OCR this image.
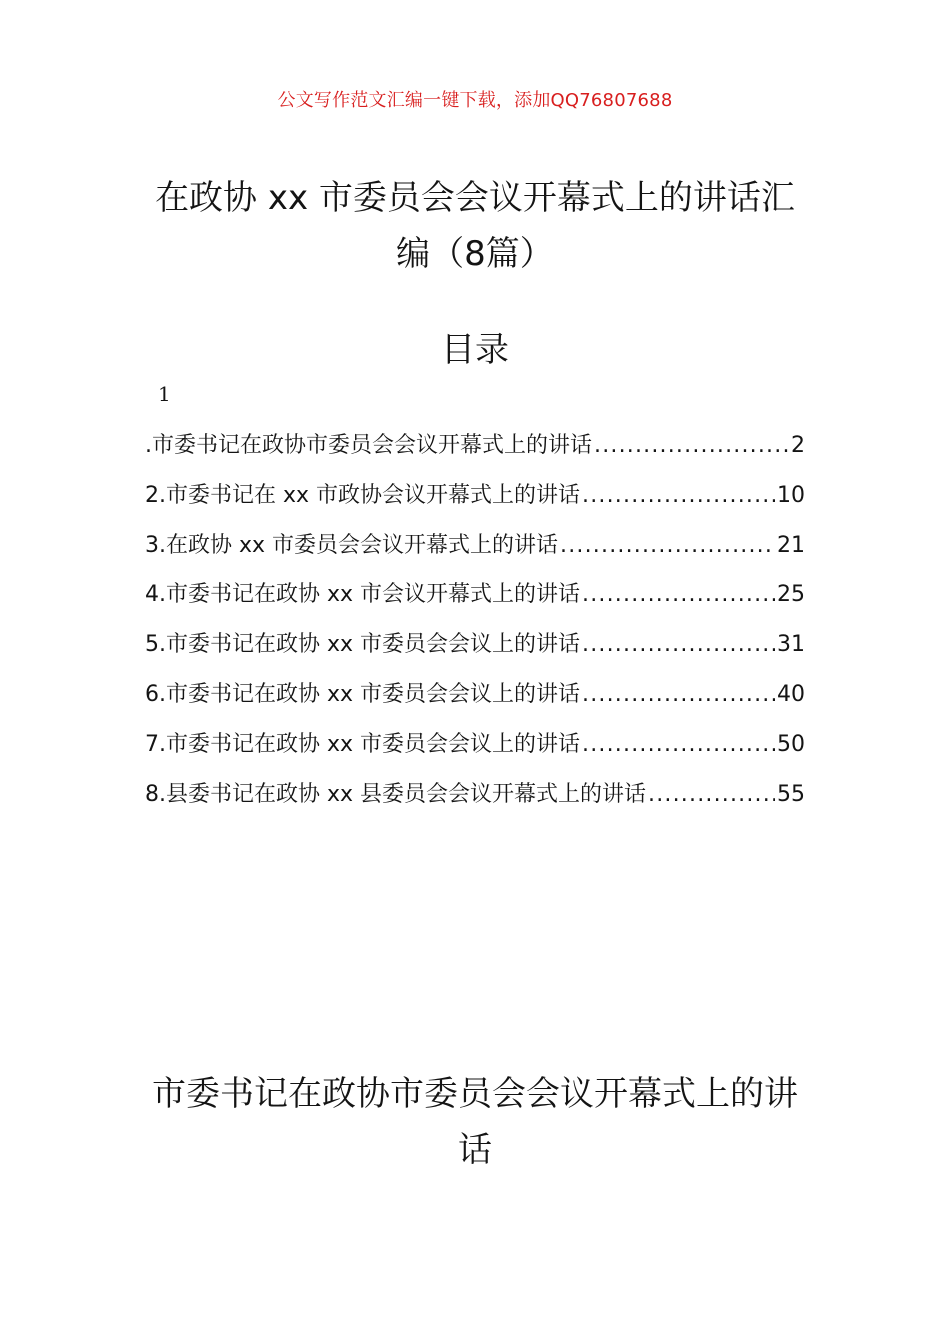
公文写作范文汇编一键下载，添加QQ76807688
在政协 xx 市委员会会议开幕式上的讲话汇编（8篇）
目录
1
.市委书记在政协市委员会会议开幕式上的讲话 .....	2
2.市委书记在 xx 市政协会议开幕式上的讲话 .....	10
3.在政协 xx 市委员会会议开幕式上的讲话 .....	21
4.市委书记在政协 xx 市会议开幕式上的讲话 .....	25
5.市委书记在政协 xx 市委员会会议上的讲话 .....	31
6.市委书记在政协 xx 市委员会会议上的讲话 .....	40
7.市委书记在政协 xx 市委员会会议上的讲话 .....	50
8.县委书记在政协 xx 县委员会会议开幕式上的讲话 .....	55
市委书记在政协市委员会会议开幕式上的讲话
